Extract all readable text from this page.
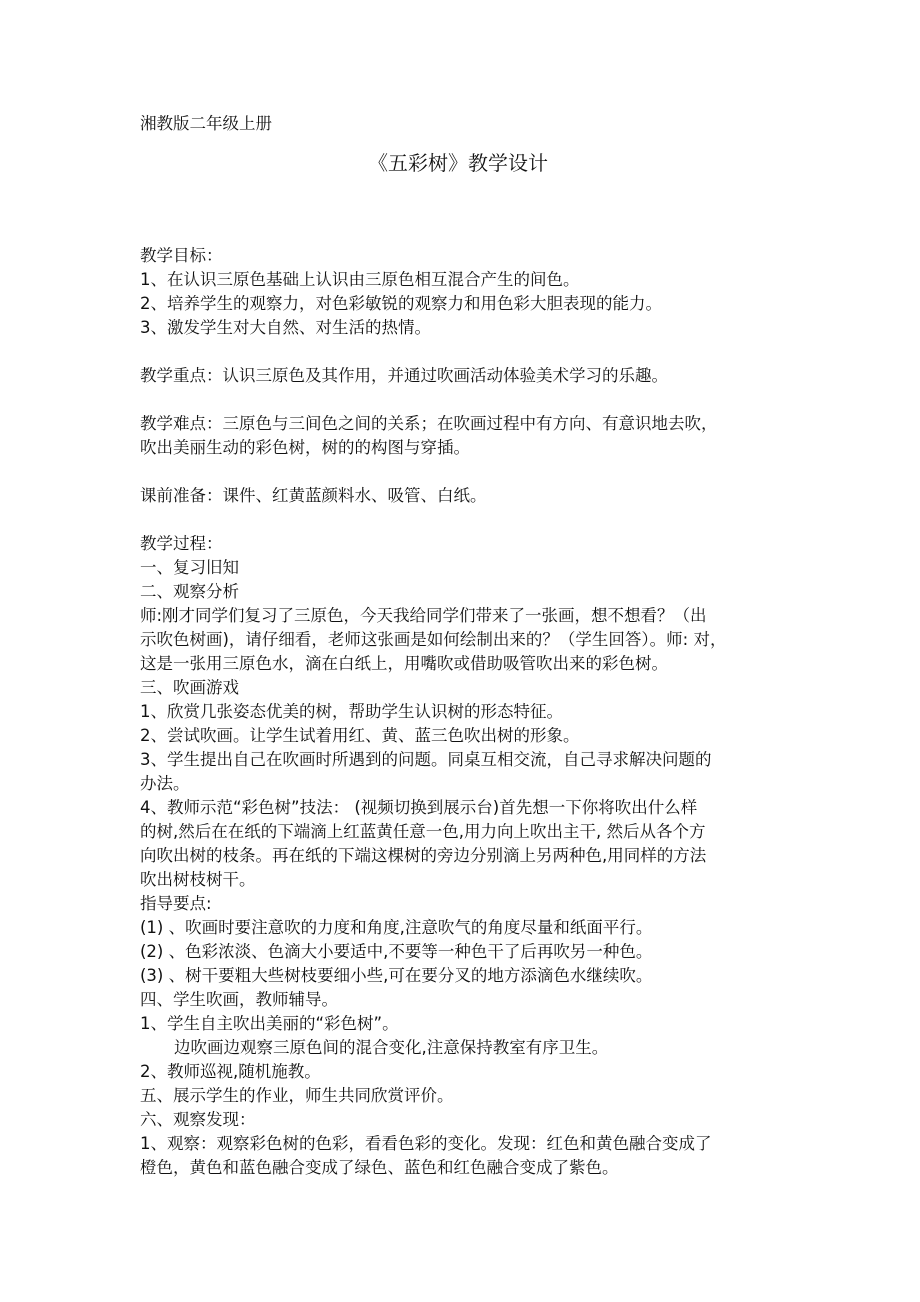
湘教版二年级上册

《五彩树》教学设计

教学目标：

1、在认识三原色基础上认识由三原色相互混合产生的间色。

2、培养学生的观察力，对色彩敏锐的观察力和用色彩大胆表现的能力。

3、激发学生对大自然、对生活的热情。

教学重点：认识三原色及其作用，并通过吹画活动体验美术学习的乐趣。

教学难点：三原色与三间色之间的关系；在吹画过程中有方向、有意识地去吹，

吹出美丽生动的彩色树，树的的构图与穿插。

课前准备：课件、红黄蓝颜料水、吸管、白纸。

教学过程：

一、复习旧知

二、观察分析

师:刚才同学们复习了三原色，今天我给同学们带来了一张画，想不想看？（出

示吹色树画)，请仔细看，老师这张画是如何绘制出来的？（学生回答）。师: 对，

这是一张用三原色水，滴在白纸上，用嘴吹或借助吸管吹出来的彩色树。

三、吹画游戏

1、欣赏几张姿态优美的树，帮助学生认识树的形态特征。

2、尝试吹画。让学生试着用红、黄、蓝三色吹出树的形象。

3、学生提出自己在吹画时所遇到的问题。同桌互相交流，自己寻求解决问题的

办法。

4、教师示范“彩色树”技法： (视频切换到展示台)首先想一下你将吹出什么样

的树,然后在在纸的下端滴上红蓝黄任意一色,用力向上吹出主干, 然后从各个方

向吹出树的枝条。再在纸的下端这棵树的旁边分别滴上另两种色,用同样的方法

吹出树枝树干。

指导要点:

(1) 、吹画时要注意吹的力度和角度,注意吹气的角度尽量和纸面平行。

(2) 、色彩浓淡、色滴大小要适中,不要等一种色干了后再吹另一种色。

(3) 、树干要粗大些树枝要细小些,可在要分叉的地方添滴色水继续吹。

四、学生吹画，教师辅导。

1、学生自主吹出美丽的“彩色树”。

边吹画边观察三原色间的混合变化,注意保持教室有序卫生。

2、教师巡视,随机施教。

五、展示学生的作业，师生共同欣赏评价。

六、观察发现：

1、观察：观察彩色树的色彩，看看色彩的变化。发现：红色和黄色融合变成了

橙色，黄色和蓝色融合变成了绿色、蓝色和红色融合变成了紫色。
